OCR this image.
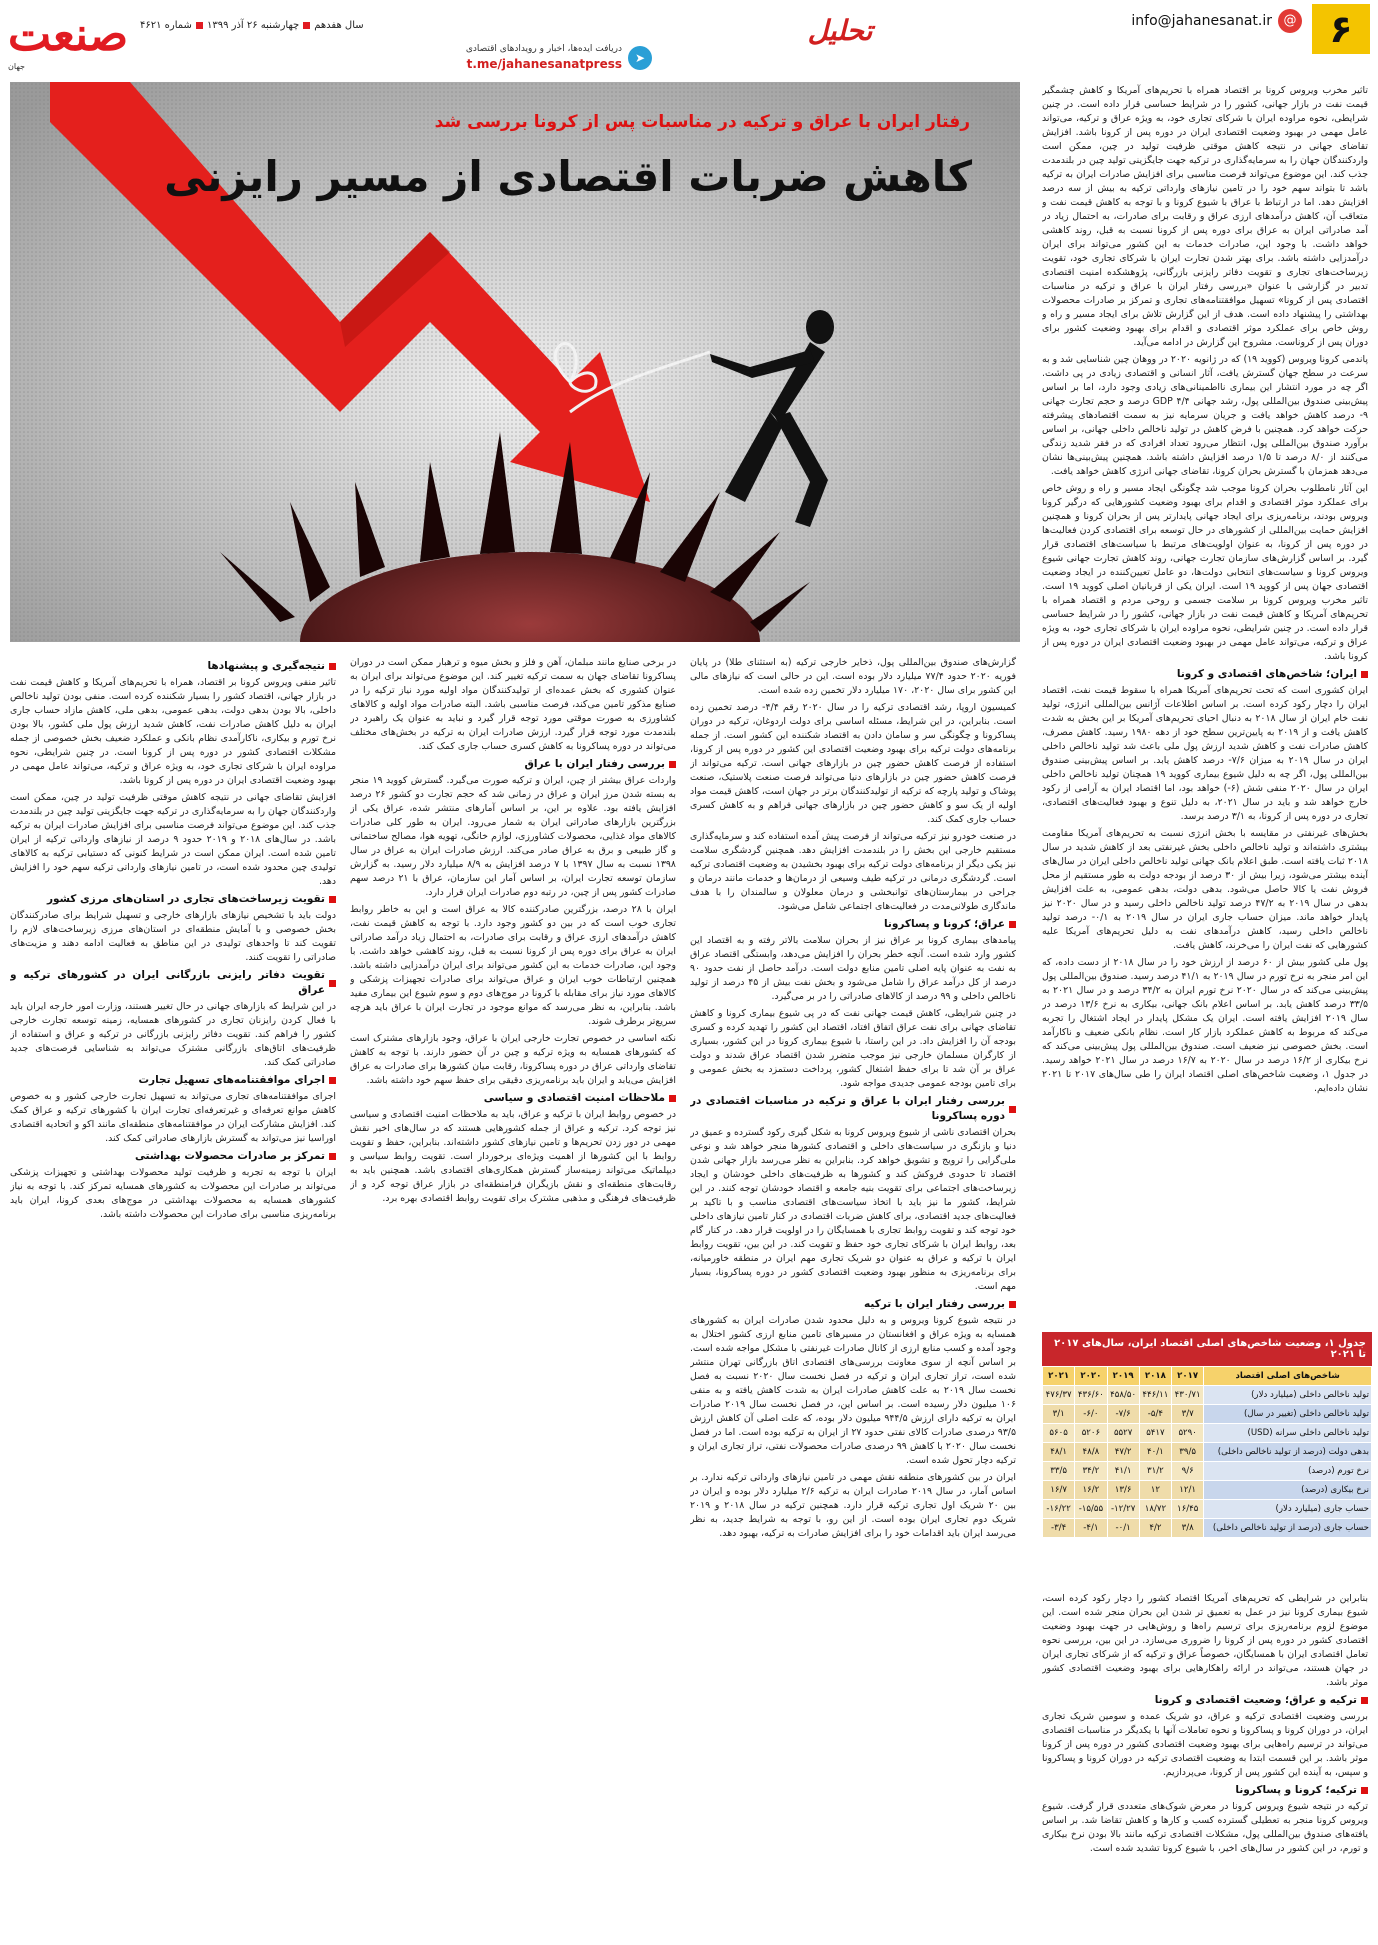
۶
info@jahanesanat.ir @
تحلیل
➤
دریافت ایده‌ها، اخبار و رویدادهای اقتصادی
t.me/jahanesanatpress
سال هفدهم
چهارشنبه ۲۶ آذر ۱۳۹۹
شماره ۴۶۲۱
صنعت
جهان
رفتار ایران با عراق و ترکیه در مناسبات پس از کرونا بررسی شد
کاهش ضربات اقتصادی از مسیر رایزنی

تاثیر مخرب ویروس کرونا بر اقتصاد همراه با تحریم‌های آمریکا و کاهش چشمگیر قیمت نفت در بازار جهانی، کشور را در شرایط حساسی قرار داده است. در چنین شرایطی، نحوه مراوده ایران با شرکای تجاری خود، به ویژه عراق و ترکیه، می‌تواند عامل مهمی در بهبود وضعیت اقتصادی ایران در دوره پس از کرونا باشد. افزایش تقاضای جهانی در نتیجه کاهش موقتی ظرفیت تولید در چین، ممکن است واردکنندگان جهان را به سرمایه‌گذاری در ترکیه جهت جایگزینی تولید چین در بلندمدت جذب کند. این موضوع می‌تواند فرصت مناسبی برای افزایش صادرات ایران به ترکیه باشد تا بتواند سهم خود را در تامین نیازهای وارداتی ترکیه به بیش از سه درصد افزایش دهد. اما در ارتباط با عراق با شیوع کرونا و با توجه به کاهش قیمت نفت و متعاقب آن، کاهش درآمدهای ارزی عراق و رقابت برای صادرات، به احتمال زیاد در آمد صادراتی ایران به عراق برای دوره پس از کرونا نسبت به قبل، روند کاهشی خواهد داشت. با وجود این، صادرات خدمات به این کشور می‌تواند برای ایران درآمدزایی داشته باشد. برای بهتر شدن تجارت ایران با شرکای تجاری خود، تقویت زیرساخت‌های تجاری و تقویت دفاتر رایزنی بازرگانی، پژوهشکده امنیت اقتصادی تدبیر در گزارشی با عنوان «بررسی رفتار ایران با عراق و ترکیه در مناسبات اقتصادی پس از کرونا» تسهیل موافقتنامه‌های تجاری و تمرکز بر صادرات محصولات بهداشتی را پیشنهاد داده است. هدف از این گزارش تلاش برای ایجاد مسیر و راه و روش خاص برای عملکرد موثر اقتصادی و اقدام برای بهبود وضعیت کشور برای دوران پس از کروناست. مشروح این گزارش در ادامه می‌آید.

پاندمی کرونا ویروس (کووید ۱۹) که در ژانویه ۲۰۲۰ در ووهان چین شناسایی شد و به سرعت در سطح جهان گسترش یافت، آثار انسانی و اقتصادی زیادی در پی داشت. اگر چه در مورد انتشار این بیماری نااطمینانی‌های زیادی وجود دارد، اما بر اساس پیش‌بینی صندوق بین‌المللی پول، رشد جهانی GDP ۴/۴ درصد و حجم تجارت جهانی ۹- درصد کاهش خواهد یافت و جریان سرمایه نیز به سمت اقتصادهای پیشرفته حرکت خواهد کرد. همچنین با فرض کاهش در تولید ناخالص داخلی جهانی، بر اساس برآورد صندوق بین‌المللی پول، انتظار می‌رود تعداد افرادی که در فقر شدید زندگی می‌کنند از ۸/۰ درصد تا ۱/۵ درصد افزایش داشته باشد. همچنین پیش‌بینی‌ها نشان می‌دهد همزمان با گسترش بحران کرونا، تقاضای جهانی انرژی کاهش خواهد یافت.

این آثار نامطلوب بحران کرونا موجب شد چگونگی ایجاد مسیر و راه و روش خاص برای عملکرد موثر اقتصادی و اقدام برای بهبود وضعیت کشورهایی که درگیر کرونا ویروس بودند، برنامه‌ریزی برای ایجاد جهانی پایدارتر پس از بحران کرونا و همچنین افزایش حمایت بین‌المللی از کشورهای در حال توسعه برای اقتصادی کردن فعالیت‌ها در دوره پس از کرونا، به عنوان اولویت‌های مرتبط با سیاست‌های اقتصادی قرار گیرد. بر اساس گزارش‌های سازمان تجارت جهانی، روند کاهش تجارت جهانی شیوع ویروس کرونا و سیاست‌های انتخابی دولت‌ها، دو عامل تعیین‌کننده در ایجاد وضعیت اقتصادی جهان پس از کووید ۱۹ است. ایران یکی از قربانیان اصلی کووید ۱۹ است. تاثیر مخرب ویروس کرونا بر سلامت جسمی و روحی مردم و اقتصاد همراه با تحریم‌های آمریکا و کاهش قیمت نفت در بازار جهانی، کشور را در شرایط حساسی قرار داده است. در چنین شرایطی، نحوه مراوده ایران با شرکای تجاری خود، به ویژه عراق و ترکیه، می‌تواند عامل مهمی در بهبود وضعیت اقتصادی ایران در دوره پس از کرونا باشد.

ایران؛ شاخص‌های اقتصادی و کرونا

ایران کشوری است که تحت تحریم‌های آمریکا همراه با سقوط قیمت نفت، اقتصاد ایران را دچار رکود کرده است. بر اساس اطلاعات آژانس بین‌المللی انرژی، تولید نفت خام ایران از سال ۲۰۱۸ به دنبال احیای تحریم‌های آمریکا بر این بخش به شدت کاهش یافت و از ۲۰۱۹ به پایین‌ترین سطح خود از دهه ۱۹۸۰ رسید. کاهش مصرف، کاهش صادرات نفت و کاهش شدید ارزش پول ملی باعث شد تولید ناخالص داخلی ایران در سال ۲۰۱۹ به میزان ۷/۶- درصد کاهش یابد. بر اساس پیش‌بینی صندوق بین‌المللی پول، اگر چه به دلیل شیوع بیماری کووید ۱۹ همچنان تولید ناخالص داخلی ایران در سال ۲۰۲۰ منفی شش (۶-) خواهد بود، اما اقتصاد ایران به آرامی از رکود خارج خواهد شد و باید در سال ۲۰۲۱، به دلیل تنوع و بهبود فعالیت‌های اقتصادی، تجاری در دوره پس از کرونا، به ۳/۱ درصد برسد.

بخش‌های غیرنفتی در مقایسه با بخش انرژی نسبت به تحریم‌های آمریکا مقاومت بیشتری داشته‌اند و تولید ناخالص داخلی بخش غیرنفتی بعد از کاهش شدید در سال ۲۰۱۸ ثبات یافته است. طبق اعلام بانک جهانی تولید ناخالص داخلی ایران در سال‌های آینده بیشتر می‌شود، زیرا بیش از ۳۰ درصد از بودجه دولت به طور مستقیم از محل فروش نفت یا کالا حاصل می‌شود. بدهی دولت، بدهی عمومی، به علت افزایش بدهی در سال ۲۰۱۹ به ۴۷/۲ درصد تولید ناخالص داخلی رسید و در سال ۲۰۲۰ نیز پایدار خواهد ماند. میزان حساب جاری ایران در سال ۲۰۱۹ به ۰/۱- درصد تولید ناخالص داخلی رسید، کاهش درآمد‌های نفت به دلیل تحریم‌های آمریکا علیه کشورهایی که نفت ایران را می‌خرند، کاهش یافت.

پول ملی کشور بیش از ۶۰ درصد از ارزش خود را در سال ۲۰۱۸ از دست داده، که این امر منجر به نرخ تورم در سال ۲۰۱۹ به ۴۱/۱ درصد رسید. صندوق بین‌المللی پول پیش‌بینی می‌کند که در سال ۲۰۲۰ نرخ تورم ایران به ۳۴/۲ درصد و در سال ۲۰۲۱ به ۳۳/۵ درصد کاهش یابد. بر اساس اعلام بانک جهانی، بیکاری به نرخ ۱۳/۶ درصد در سال ۲۰۱۹ افزایش یافته است. ایران یک مشکل پایدار در ایجاد اشتغال را تجربه می‌کند که مربوط به کاهش عملکرد بازار کار است. نظام بانکی ضعیف و ناکارآمد است. بخش خصوصی نیز ضعیف است. صندوق بین‌المللی پول پیش‌بینی می‌کند که نرخ بیکاری از ۱۶/۲ درصد در سال ۲۰۲۰ به ۱۶/۷ درصد در سال ۲۰۲۱ خواهد رسید. در جدول ۱، وضعیت شاخص‌های اصلی اقتصاد ایران را طی سال‌های ۲۰۱۷ تا ۲۰۲۱ نشان داده‌ایم.

جدول ۱، وضعیت شاخص‌های اصلی اقتصاد ایران، سال‌های ۲۰۱۷ تا ۲۰۲۱
شاخص‌های اصلی اقتصاد	۲۰۱۷	۲۰۱۸	۲۰۱۹	۲۰۲۰	۲۰۲۱
تولید ناخالص داخلی (میلیارد دلار)	۴۳۰/۷۱	۴۴۶/۱۱	۴۵۸/۵۰	۴۳۶/۶۰	۴۷۶/۳۷
تولید ناخالص داخلی (تغییر در سال)	۳/۷	۵/۴-	۷/۶-	۶/۰-	۳/۱
تولید ناخالص داخلی سرانه (USD)	۵۲۹۰	۵۴۱۷	۵۵۲۷	۵۲۰۶	۵۶۰۵
بدهی دولت (درصد از تولید ناخالص داخلی)	۳۹/۵	۴۰/۱	۴۷/۲	۴۸/۸	۴۸/۱
نرخ تورم (درصد)	۹/۶	۳۱/۲	۴۱/۱	۳۴/۲	۳۳/۵
نرخ بیکاری (درصد)	۱۲/۱	۱۲	۱۳/۶	۱۶/۲	۱۶/۷
حساب جاری (میلیارد دلار)	۱۶/۴۵	۱۸/۷۲	۱۲/۲۷-	۱۵/۵۵-	۱۶/۲۲-
حساب جاری (درصد از تولید ناخالص داخلی)	۳/۸	۴/۲	۰/۱-	۴/۱-	۳/۴-

بنابراین در شرایطی که تحریم‌های آمریکا اقتصاد کشور را دچار رکود کرده است، شیوع بیماری کرونا نیز در عمل به تعمیق تر شدن این بحران منجر شده است. این موضوع لزوم برنامه‌ریزی برای ترسیم راه‌ها و روش‌هایی در جهت بهبود وضعیت اقتصادی کشور در دوره پس از کرونا را ضروری می‌سازد. در این بین، بررسی نحوه تعامل اقتصادی ایران با همسایگان، خصوصاً عراق و ترکیه که از شرکای تجاری ایران در جهان هستند، می‌تواند در ارائه راهکارهایی برای بهبود وضعیت اقتصادی کشور موثر باشد.

ترکیه و عراق؛ وضعیت اقتصادی و کرونا

بررسی وضعیت اقتصادی ترکیه و عراق، دو شریک عمده و سومین شریک تجاری ایران، در دوران کرونا و پساکرونا و نحوه تعاملات آنها با یکدیگر در مناسبات اقتصادی می‌تواند در ترسیم راه‌هایی برای بهبود وضعیت اقتصادی کشور در دوره پس از کرونا موثر باشد. بر این قسمت ابتدا به وضعیت اقتصادی ترکیه در دوران کرونا و پساکرونا و سپس، به آینده این کشور پس از کرونا، می‌پردازیم.

ترکیه؛ کرونا و پساکرونا

ترکیه در نتیجه شیوع ویروس کرونا در معرض شوک‌های متعددی قرار گرفت. شیوع ویروس کرونا منجر به تعطیلی گسترده کسب و کارها و کاهش تقاضا شد. بر اساس یافته‌های صندوق بین‌المللی پول، مشکلات اقتصادی ترکیه مانند بالا بودن نرخ بیکاری و تورم، در این کشور در سال‌های اخیر، با شیوع کرونا تشدید شده است.

گزارش‌های صندوق بین‌المللی پول، ذخایر خارجی ترکیه (به استثنای طلا) در پایان فوریه ۲۰۲۰ حدود ۷۷/۴ میلیارد دلار بوده است. این در حالی است که نیازهای مالی این کشور برای سال ۲۰۲۰، ۱۷۰ میلیارد دلار تخمین زده شده است.

کمیسیون اروپا، رشد اقتصادی ترکیه را در سال ۲۰۲۰ رقم ۴/۴- درصد تخمین زده است. بنابراین، در این شرایط، مسئله اساسی برای دولت اردوغان، ترکیه در دوران پساکرونا و چگونگی سر و سامان دادن به اقتصاد شکننده این کشور است. از جمله برنامه‌های دولت ترکیه برای بهبود وضعیت اقتصادی این کشور در دوره پس از کرونا، استفاده از فرصت کاهش حضور چین در بازارهای جهانی است. ترکیه می‌تواند از فرصت کاهش حضور چین در بازارهای دنیا می‌تواند فرصت صنعت پلاستیک، صنعت پوشاک و تولید پارچه که ترکیه از تولیدکنندگان برتر در جهان است، کاهش قیمت مواد اولیه از یک سو و کاهش حضور چین در بازارهای جهانی فراهم و به کاهش کسری حساب جاری کمک کند.

در صنعت خودرو نیز ترکیه می‌تواند از فرصت پیش آمده استفاده کند و سرمایه‌گذاری مستقیم خارجی این بخش را در بلندمدت افزایش دهد. همچنین گردشگری سلامت نیز یکی دیگر از برنامه‌های دولت ترکیه برای بهبود بخشیدن به وضعیت اقتصادی ترکیه است. گردشگری درمانی در ترکیه طیف وسیعی از درمان‌ها و خدمات مانند درمان و جراحی در بیمارستان‌های توانبخشی و درمان معلولان و سالمندان را با هدف ماندگاری طولانی‌مدت در فعالیت‌های اجتماعی شامل می‌شود.

عراق؛ کرونا و پساکرونا

پیامدهای بیماری کرونا بر عراق نیز از بحران سلامت بالاتر رفته و به اقتصاد این کشور وارد شده است. آنچه خطر بحران را افزایش می‌دهد، وابستگی اقتصاد عراق به نفت به عنوان پایه اصلی تامین منابع دولت است. درآمد حاصل از نفت حدود ۹۰ درصد از کل درآمد عراق را شامل می‌شود و بخش نفت بیش از ۴۵ درصد از تولید ناخالص داخلی و ۹۹ درصد از کالاهای صادراتی را در بر می‌گیرد.

در چنین شرایطی، کاهش قیمت جهانی نفت که در پی شیوع بیماری کرونا و کاهش تقاضای جهانی برای نفت عراق اتفاق افتاد، اقتصاد این کشور را تهدید کرده و کسری بودجه آن را افزایش داد. در این راستا، با شیوع بیماری کرونا در این کشور، بسیاری از کارگران مسلمان خارجی نیز موجب متضرر شدن اقتصاد عراق شدند و دولت عراق بر آن شد تا برای حفظ اشتغال کشور، پرداخت دستمزد به بخش عمومی و برای تامین بودجه عمومی جدیدی مواجه شود.

بررسی رفتار ایران با عراق و ترکیه در مناسبات اقتصادی در دوره پساکرونا

بحران اقتصادی ناشی از شیوع ویروس کرونا به شکل گیری رکود گسترده و عمیق در دنیا و بازنگری در سیاست‌های داخلی و اقتصادی کشورها منجر خواهد شد و نوعی ملی‌گرایی را ترویج و تشویق خواهد کرد. بنابراین به نظر می‌رسد بازار جهانی شدن اقتصاد تا حدودی فروکش کند و کشورها به ظرفیت‌های داخلی خودشان و ایجاد زیرساخت‌های اجتماعی برای تقویت بنیه جامعه و اقتصاد خودشان توجه کنند. در این شرایط، کشور ما نیز باید با اتخاذ سیاست‌های اقتصادی مناسب و با تاکید بر فعالیت‌های جدید اقتصادی، برای کاهش ضربات اقتصادی در کنار تامین نیازهای داخلی خود توجه کند و تقویت روابط تجاری با همسایگان را در اولویت قرار دهد. در کنار گام بعد، روابط ایران با شرکای تجاری خود حفظ و تقویت کند. در این بین، تقویت روابط ایران با ترکیه و عراق به عنوان دو شریک تجاری مهم ایران در منطقه خاورمیانه، برای برنامه‌ریزی به منظور بهبود وضعیت اقتصادی کشور در دوره پساکرونا، بسیار مهم است.

بررسی رفتار ایران با ترکیه

در نتیجه شیوع کرونا ویروس و به دلیل محدود شدن صادرات ایران به کشورهای همسایه به ویژه عراق و افغانستان در مسیرهای تامین منابع ارزی کشور اختلال به وجود آمده و کسب منابع ارزی از کانال صادرات غیرنفتی با مشکل مواجه شده است. بر اساس آنچه از سوی معاونت بررسی‌های اقتصادی اتاق بازرگانی تهران منتشر شده است، تراز تجاری ایران و ترکیه در فصل نخست سال ۲۰۲۰ نسبت به فصل نخست سال ۲۰۱۹ به علت کاهش صادرات ایران به شدت کاهش یافته و به منفی ۱۰۶ میلیون دلار رسیده است. بر اساس این، در فصل نخست سال ۲۰۱۹ صادرات ایران به ترکیه دارای ارزش ۹۴۴/۵ میلیون دلار بوده، که علت اصلی آن کاهش ارزش ۹۳/۵ درصدی صادرات کالای نفتی حدود ۲۷ از ایران به ترکیه بوده است. اما در فصل نخست سال ۲۰۲۰ با کاهش ۹۹ درصدی صادرات محصولات نفتی، تراز تجاری ایران و ترکیه دچار تحول شده است.

ایران در بین کشورهای منطقه نقش مهمی در تامین نیازهای وارداتی ترکیه ندارد. بر اساس آمار، در سال ۲۰۱۹ صادرات ایران به ترکیه ۲/۶ میلیارد دلار بوده و ایران در بین ۲۰ شریک اول تجاری ترکیه قرار دارد. همچنین ترکیه در سال ۲۰۱۸ و ۲۰۱۹ شریک دوم تجاری ایران بوده است. از این رو، با توجه به شرایط جدید، به نظر می‌رسد ایران باید اقدامات خود را برای افزایش صادرات به ترکیه، بهبود دهد.

در برخی صنایع مانند مبلمان، آهن و فلز و بخش میوه و ترهبار ممکن است در دوران پساکرونا تقاضای جهان به سمت ترکیه تغییر کند. این موضوع می‌تواند برای ایران به عنوان کشوری که بخش عمده‌ای از تولیدکنندگان مواد اولیه مورد نیاز ترکیه را در صنایع مذکور تامین می‌کند، فرصت مناسبی باشد. البته صادرات مواد اولیه و کالاهای کشاورزی به صورت موقتی مورد توجه قرار گیرد و نباید به عنوان یک راهبرد در بلندمدت مورد توجه قرار گیرد. ارزش صادرات ایران به ترکیه در بخش‌های مختلف می‌تواند در دوره پساکرونا به کاهش کسری حساب جاری کمک کند.

بررسی رفتار ایران با عراق

واردات عراق بیشتر از چین، ایران و ترکیه صورت می‌گیرد. گسترش کووید ۱۹ منجر به بسته شدن مرز ایران و عراق در زمانی شد که حجم تجارت دو کشور ۲۶ درصد افزایش یافته بود. علاوه بر این، بر اساس آمارهای منتشر شده، عراق یکی از بزرگترین بازارهای صادراتی ایران به شمار می‌رود. ایران به طور کلی صادرات کالاهای مواد غذایی، محصولات کشاورزی، لوازم خانگی، تهویه هوا، مصالح ساختمانی و گاز طبیعی و برق به عراق صادر می‌کند. ارزش صادرات ایران به عراق در سال ۱۳۹۸ نسبت به سال ۱۳۹۷ با ۷ درصد افزایش به ۸/۹ میلیارد دلار رسید. به گزارش سازمان توسعه تجارت ایران، بر اساس آمار این سازمان، عراق با ۲۱ درصد سهم صادرات کشور پس از چین، در رتبه دوم صادرات ایران قرار دارد.

ایران با ۲۸ درصد، بزرگترین صادرکننده کالا به عراق است و این به خاطر روابط تجاری خوب است که در بین دو کشور وجود دارد. با توجه به کاهش قیمت نفت، کاهش درآمدهای ارزی عراق و رقابت برای صادرات، به احتمال زیاد درآمد صادراتی ایران به عراق برای دوره پس از کرونا نسبت به قبل، روند کاهشی خواهد داشت. با وجود این، صادرات خدمات به این کشور می‌تواند برای ایران درآمدزایی داشته باشد. همچنین ارتباطات خوب ایران و عراق می‌تواند برای صادرات تجهیزات پزشکی و کالاهای مورد نیاز برای مقابله با کرونا در موج‌های دوم و سوم شیوع این بیماری مفید باشد. بنابراین، به نظر می‌رسد که موانع موجود در تجارت ایران با عراق باید هرچه سریع‌تر برطرف شوند.

نکته اساسی در خصوص تجارت خارجی ایران با عراق، وجود بازارهای مشترک است که کشورهای همسایه به ویژه ترکیه و چین در آن حضور دارند. با توجه به کاهش تقاضای وارداتی عراق در دوره پساکرونا، رقابت میان کشورها برای صادرات به عراق افزایش می‌یابد و ایران باید برنامه‌ریزی دقیقی برای حفظ سهم خود داشته باشد.

ملاحظات امنیت اقتصادی و سیاسی

در خصوص روابط ایران با ترکیه و عراق، باید به ملاحظات امنیت اقتصادی و سیاسی نیز توجه کرد. ترکیه و عراق از جمله کشورهایی هستند که در سال‌های اخیر نقش مهمی در دور زدن تحریم‌ها و تامین نیازهای کشور داشته‌اند. بنابراین، حفظ و تقویت روابط با این کشورها از اهمیت ویژه‌ای برخوردار است. تقویت روابط سیاسی و دیپلماتیک می‌تواند زمینه‌ساز گسترش همکاری‌های اقتصادی باشد. همچنین باید به رقابت‌های منطقه‌ای و نقش بازیگران فرامنطقه‌ای در بازار عراق توجه کرد و از ظرفیت‌های فرهنگی و مذهبی مشترک برای تقویت روابط اقتصادی بهره برد.

نتیجه‌گیری و پیشنهادها

تاثیر منفی ویروس کرونا بر اقتصاد، همراه با تحریم‌های آمریکا و کاهش قیمت نفت در بازار جهانی، اقتصاد کشور را بسیار شکننده کرده است. منفی بودن تولید ناخالص داخلی، بالا بودن بدهی دولت، بدهی عمومی، بدهی ملی، کاهش مازاد حساب جاری ایران به دلیل کاهش صادرات نفت، کاهش شدید ارزش پول ملی کشور، بالا بودن نرخ تورم و بیکاری، ناکارآمدی نظام بانکی و عملکرد ضعیف بخش خصوصی از جمله مشکلات اقتصادی کشور در دوره پس از کرونا است. در چنین شرایطی، نحوه مراوده ایران با شرکای تجاری خود، به ویژه عراق و ترکیه، می‌تواند عامل مهمی در بهبود وضعیت اقتصادی ایران در دوره پس از کرونا باشد.

افزایش تقاضای جهانی در نتیجه کاهش موقتی ظرفیت تولید در چین، ممکن است واردکنندگان جهان را به سرمایه‌گذاری در ترکیه جهت جایگزینی تولید چین در بلندمدت جذب کند. این موضوع می‌تواند فرصت مناسبی برای افزایش صادرات ایران به ترکیه باشد. در سال‌های ۲۰۱۸ و ۲۰۱۹ حدود ۹ درصد از نیازهای وارداتی ترکیه از ایران تامین شده است. ایران ممکن است در شرایط کنونی که دستیابی ترکیه به کالاهای تولیدی چین محدود شده است، در تامین نیازهای وارداتی ترکیه سهم خود را افزایش دهد.

تقویت زیرساخت‌های تجاری در استان‌های مرزی کشور

دولت باید با تشخیص نیازهای بازارهای خارجی و تسهیل شرایط برای صادرکنندگان بخش خصوصی و با آمایش منطقه‌ای در استان‌های مرزی زیرساخت‌های لازم را تقویت کند تا واحدهای تولیدی در این مناطق به فعالیت ادامه دهند و مزیت‌های صادراتی را تقویت کنند.

تقویت دفاتر رایزنی بازرگانی ایران در کشورهای ترکیه و عراق

در این شرایط که بازارهای جهانی در حال تغییر هستند، وزارت امور خارجه ایران باید با فعال کردن رایزنان تجاری در کشورهای همسایه، زمینه توسعه تجارت خارجی کشور را فراهم کند. تقویت دفاتر رایزنی بازرگانی در ترکیه و عراق و استفاده از ظرفیت‌های اتاق‌های بازرگانی مشترک می‌تواند به شناسایی فرصت‌های جدید صادراتی کمک کند.

اجرای موافقتنامه‌های تسهیل تجارت

اجرای موافقتنامه‌های تجاری می‌تواند به تسهیل تجارت خارجی کشور و به خصوص کاهش موانع تعرفه‌ای و غیرتعرفه‌ای تجارت ایران با کشورهای ترکیه و عراق کمک کند. افزایش مشارکت ایران در موافقتنامه‌های منطقه‌ای مانند اکو و اتحادیه اقتصادی اوراسیا نیز می‌تواند به گسترش بازارهای صادراتی کمک کند.

تمرکز بر صادرات محصولات بهداشتی

ایران با توجه به تجربه و ظرفیت تولید محصولات بهداشتی و تجهیزات پزشکی می‌تواند بر صادرات این محصولات به کشورهای همسایه تمرکز کند. با توجه به نیاز کشورهای همسایه به محصولات بهداشتی در موج‌های بعدی کرونا، ایران باید برنامه‌ریزی مناسبی برای صادرات این محصولات داشته باشد.
